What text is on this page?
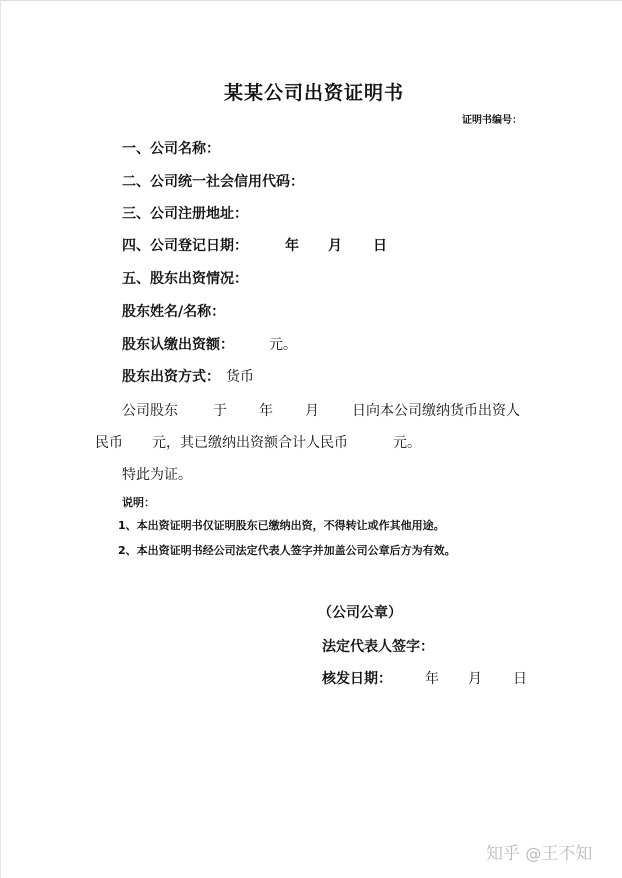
某某公司出资证明书
证明书编号：
一、公司名称：
二、公司统一社会信用代码：
三、公司注册地址：
四、公司登记日期：	年 月 日
五、股东出资情况：
股东姓名/名称：
股东认缴出资额：	元。
股东出资方式： 货币
公司股东	于 年 月 日向本公司缴纳货币出资人
民币 元，其已缴纳出资额合计人民币	元。
特此为证。
说明：
1、本出资证明书仅证明股东已缴纳出资，不得转让或作其他用途。
2、本出资证明书经公司法定代表人签字并加盖公司公章后方为有效。
（公司公章）
法定代表人签字：
核发日期： 年 月 日
知乎 @王不知
